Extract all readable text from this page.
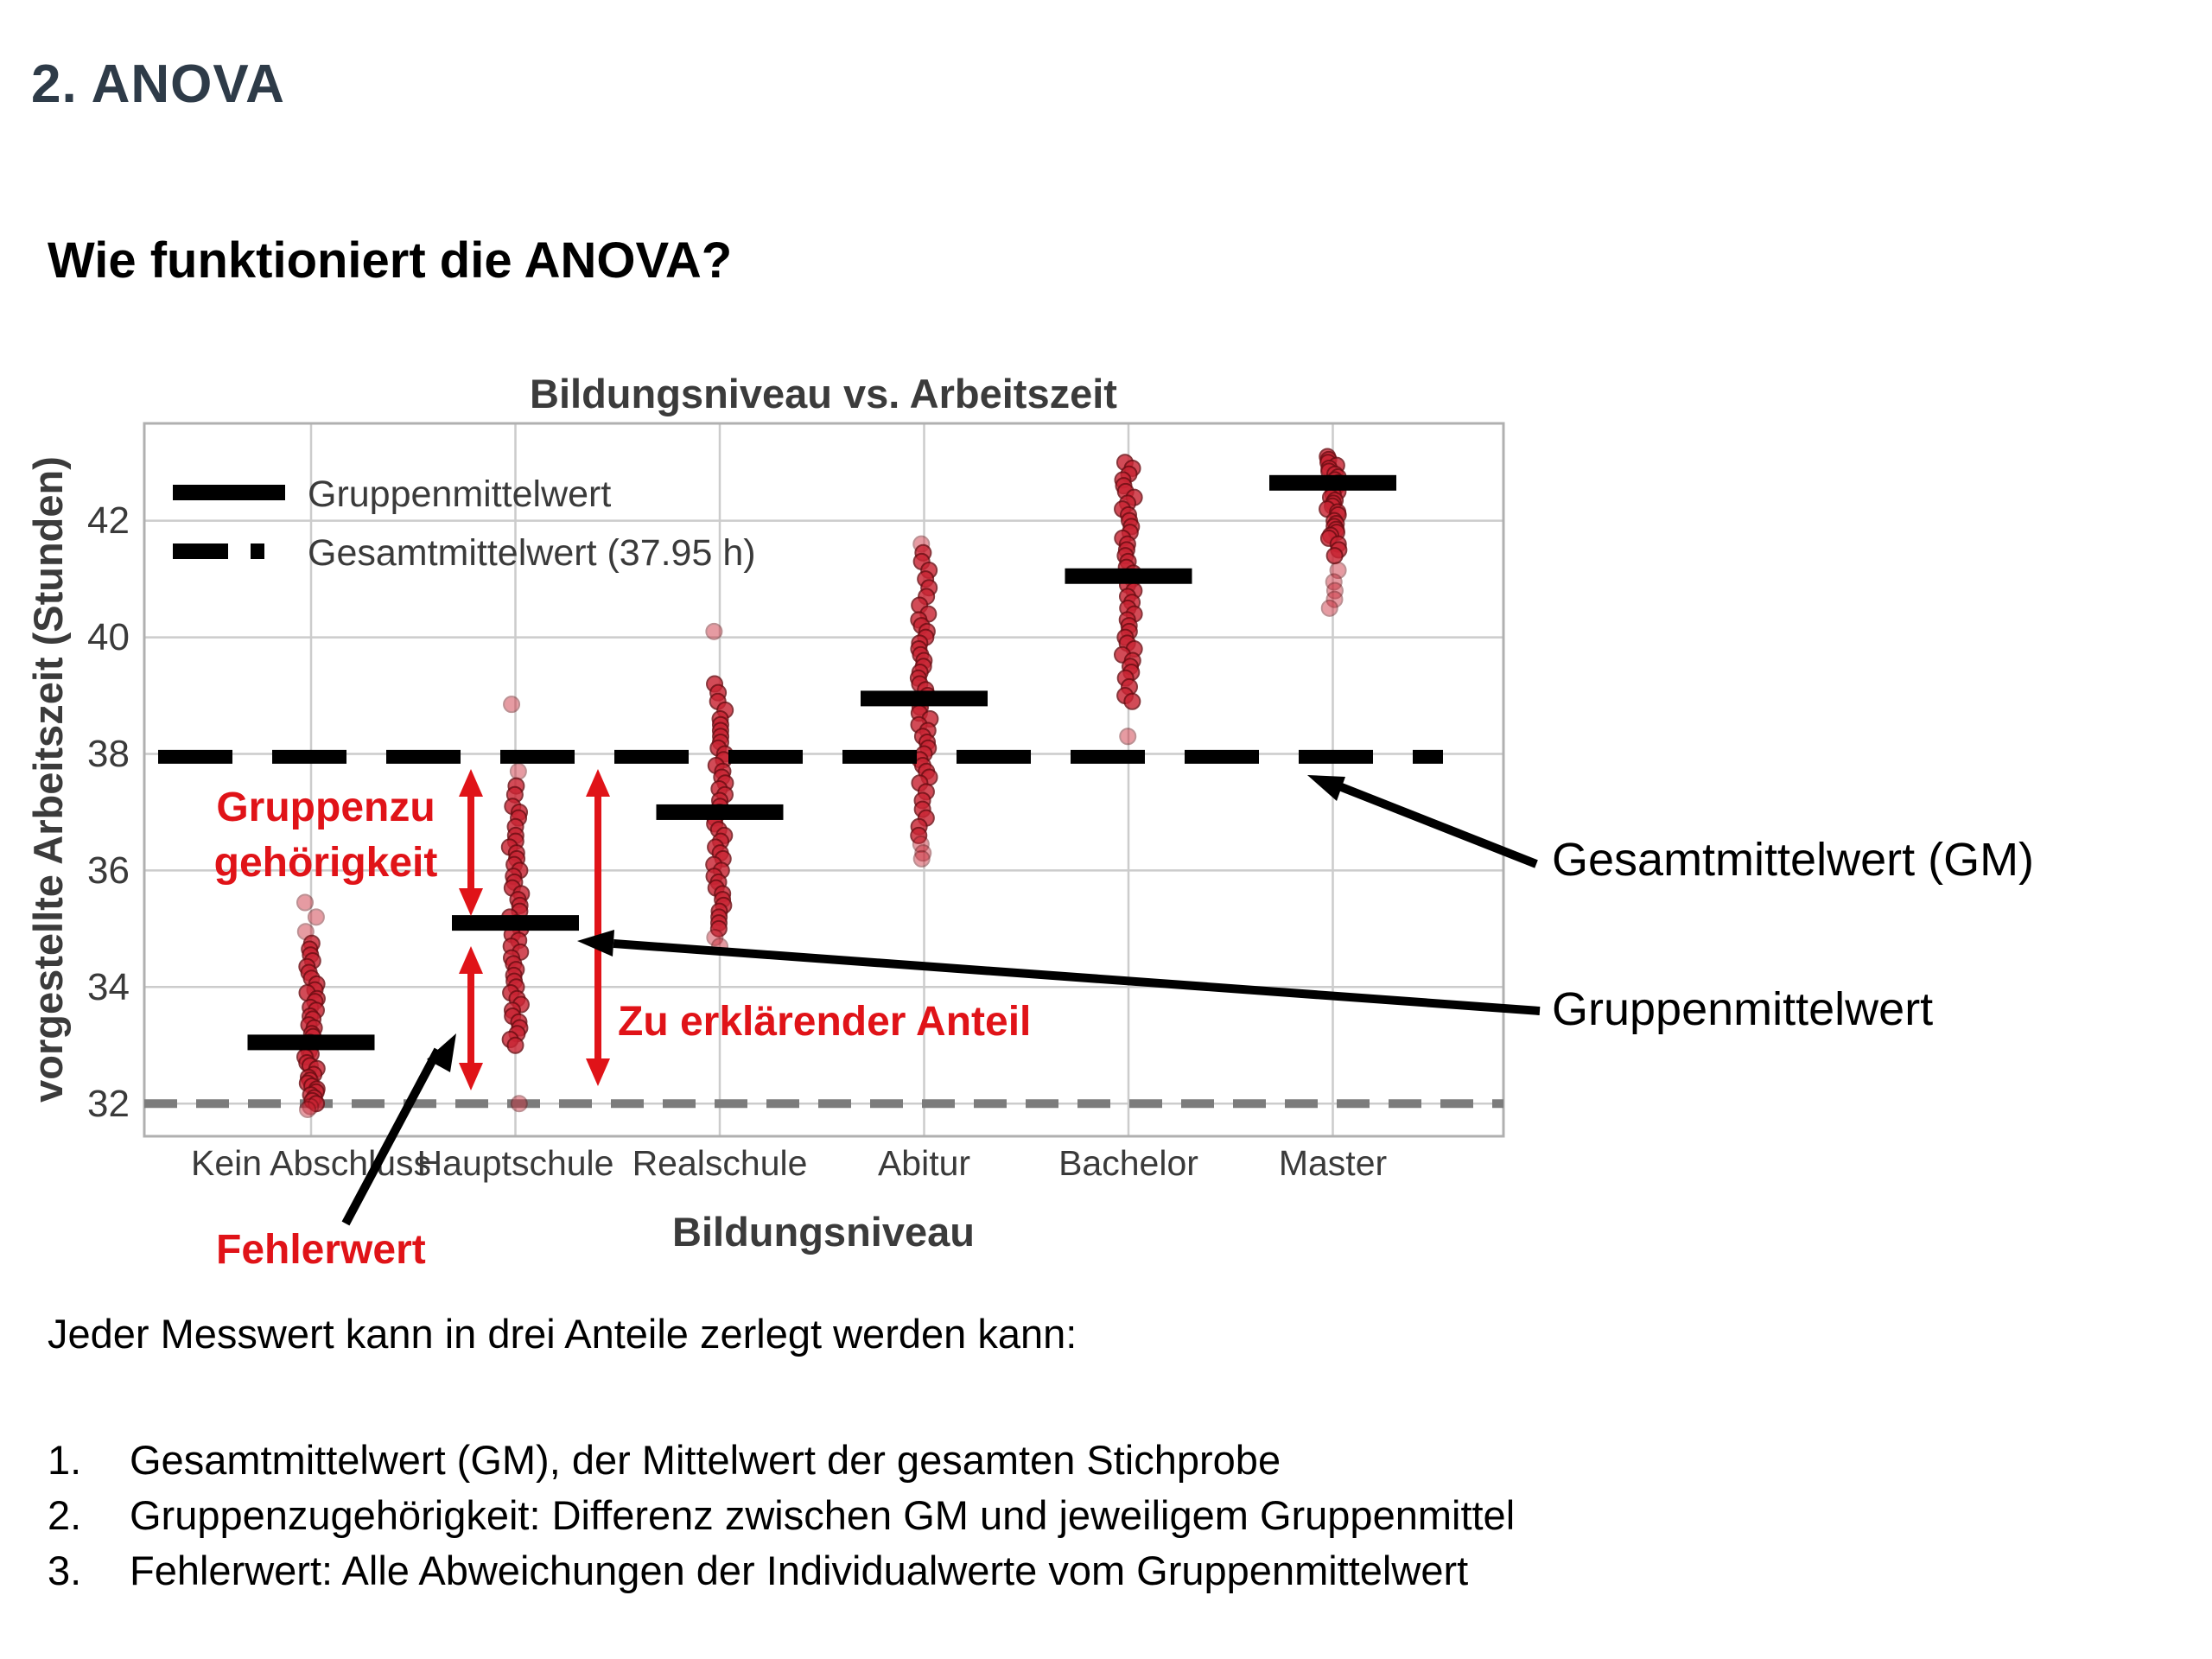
2. ANOVA
Wie funktioniert die ANOVA?
Bildungsniveau vs. Arbeitszeit
Bildungsniveau
vorgestellte Arbeitszeit (Stunden)
32
34
36
38
40
42
Kein Abschluss
Hauptschule Realschule Abitur Bachelor Master
Gruppenmittelwert
Gesamtmittelwert (37.95 h)
Gruppenzu
gehörigkeit
Zu erklärender Anteil
Fehlerwert
Gesamtmittelwert (GM)
Gruppenmittelwert

Jeder Messwert kann in drei Anteile zerlegt werden kann:

1.	Gesamtmittelwert (GM), der Mittelwert der gesamten Stichprobe
2.	Gruppenzugehörigkeit: Differenz zwischen GM und jeweiligem Gruppenmittel
3.	Fehlerwert: Alle Abweichungen der Individualwerte vom Gruppenmittelwert
